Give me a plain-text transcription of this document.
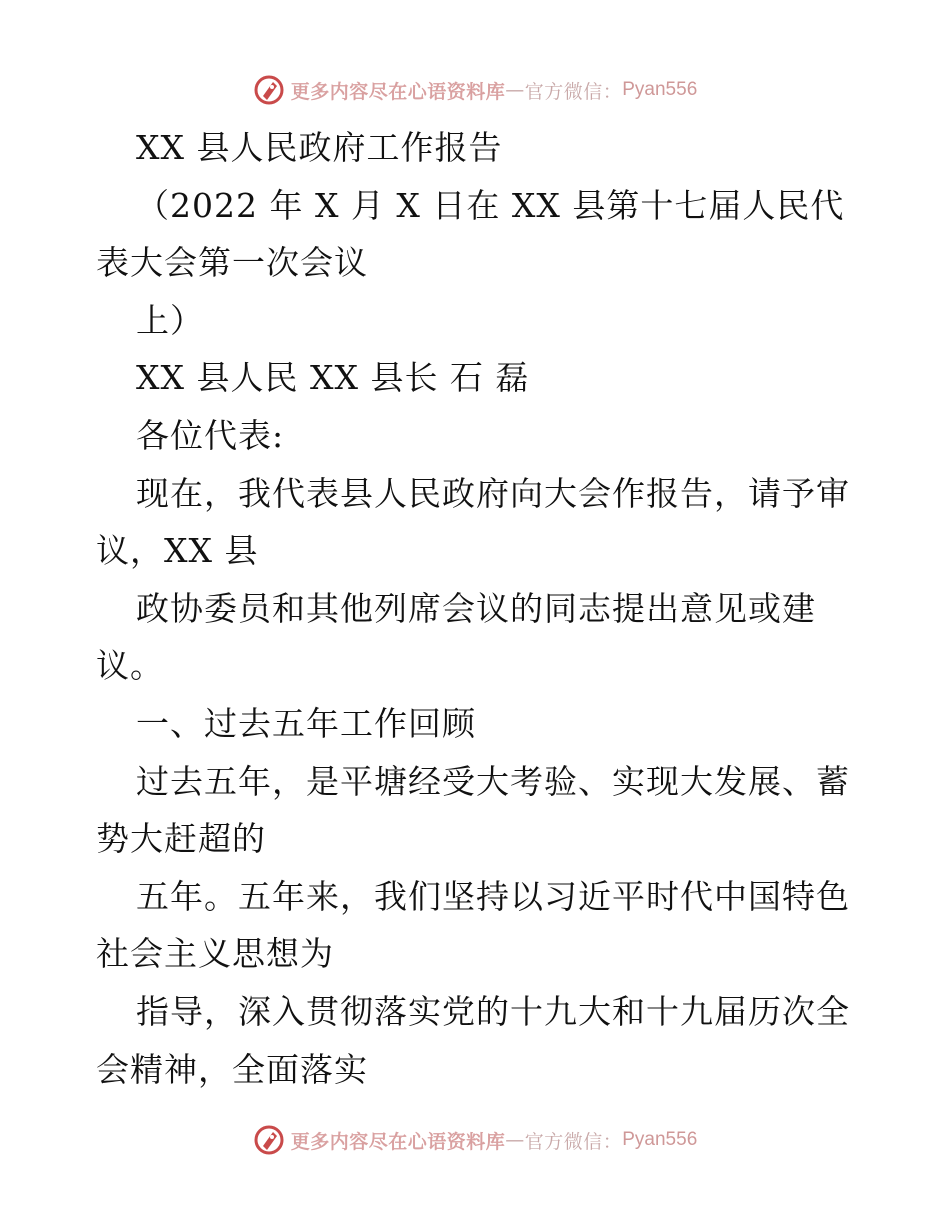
更多内容尽在心语资料库 — 官方微信： Pyan556
XX 县人民政府工作报告
（2022 年 X 月 X 日在 XX 县第十七届人民代
表大会第一次会议
上）
XX 县人民 XX 县长 石 磊
各位代表:
现在，我代表县人民政府向大会作报告，请予审
议，XX 县
政协委员和其他列席会议的同志提出意见或建
议。
一、过去五年工作回顾
过去五年，是平塘经受大考验、实现大发展、蓄
势大赶超的
五年。五年来，我们坚持以习近平时代中国特色
社会主义思想为
指导，深入贯彻落实党的十九大和十九届历次全
会精神，全面落实
更多内容尽在心语资料库 — 官方微信： Pyan556
